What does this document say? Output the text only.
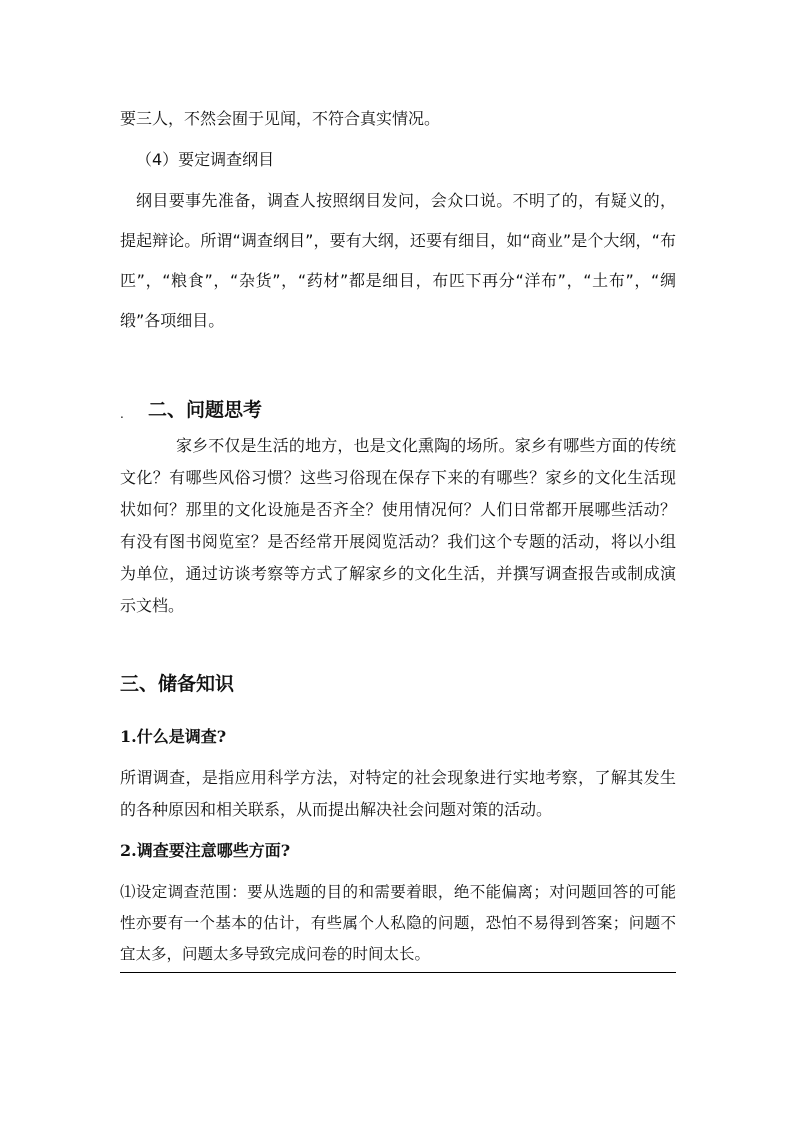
要三人，不然会囿于见闻，不符合真实情况。

（4）要定调查纲目

纲目要事先准备，调查人按照纲目发问，会众口说。不明了的，有疑义的，提起辩论。所谓“调查纲目”，要有大纲，还要有细目，如“商业”是个大纲，“布匹”，“粮食”，“杂货”，“药材”都是细目，布匹下再分“洋布”，“土布”，“绸缎”各项细目。

. 二、问题思考

家乡不仅是生活的地方，也是文化熏陶的场所。家乡有哪些方面的传统文化？有哪些风俗习惯？这些习俗现在保存下来的有哪些？家乡的文化生活现状如何？那里的文化设施是否齐全？使用情况何？人们日常都开展哪些活动？有没有图书阅览室？是否经常开展阅览活动？我们这个专题的活动，将以小组为单位，通过访谈考察等方式了解家乡的文化生活，并撰写调查报告或制成演示文档。

三、储备知识
1.什么是调查?

所谓调查，是指应用科学方法，对特定的社会现象进行实地考察，了解其发生的各种原因和相关联系，从而提出解决社会问题对策的活动。

2.调查要注意哪些方面?

⑴设定调查范围：要从选题的目的和需要着眼，绝不能偏离；对问题回答的可能性亦要有一个基本的估计，有些属个人私隐的问题，恐怕不易得到答案；问题不宜太多，问题太多导致完成问卷的时间太长。
